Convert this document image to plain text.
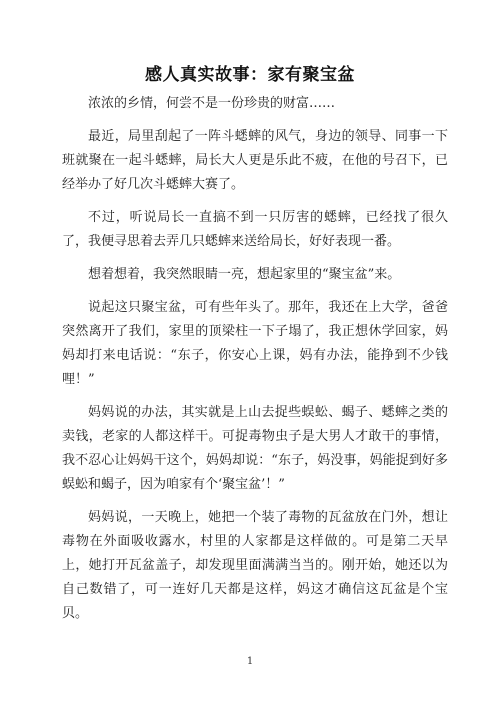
感人真实故事：家有聚宝盆

浓浓的乡情，何尝不是一份珍贵的财富……

最近，局里刮起了一阵斗蟋蟀的风气，身边的领导、同事一下班就聚在一起斗蟋蟀，局长大人更是乐此不疲，在他的号召下，已经举办了好几次斗蟋蟀大赛了。

不过，听说局长一直搞不到一只厉害的蟋蟀，已经找了很久了，我便寻思着去弄几只蟋蟀来送给局长，好好表现一番。

想着想着，我突然眼睛一亮，想起家里的“聚宝盆”来。

说起这只聚宝盆，可有些年头了。那年，我还在上大学，爸爸突然离开了我们，家里的顶梁柱一下子塌了，我正想休学回家，妈妈却打来电话说：“东子，你安心上课，妈有办法，能挣到不少钱哩！”

妈妈说的办法，其实就是上山去捉些蜈蚣、蝎子、蟋蟀之类的卖钱，老家的人都这样干。可捉毒物虫子是大男人才敢干的事情，我不忍心让妈妈干这个，妈妈却说：“东子，妈没事，妈能捉到好多蜈蚣和蝎子，因为咱家有个‘聚宝盆’！”

妈妈说，一天晚上，她把一个装了毒物的瓦盆放在门外，想让毒物在外面吸收露水，村里的人家都是这样做的。可是第二天早上，她打开瓦盆盖子，却发现里面满满当当的。刚开始，她还以为自己数错了，可一连好几天都是这样，妈这才确信这瓦盆是个宝贝。

1
